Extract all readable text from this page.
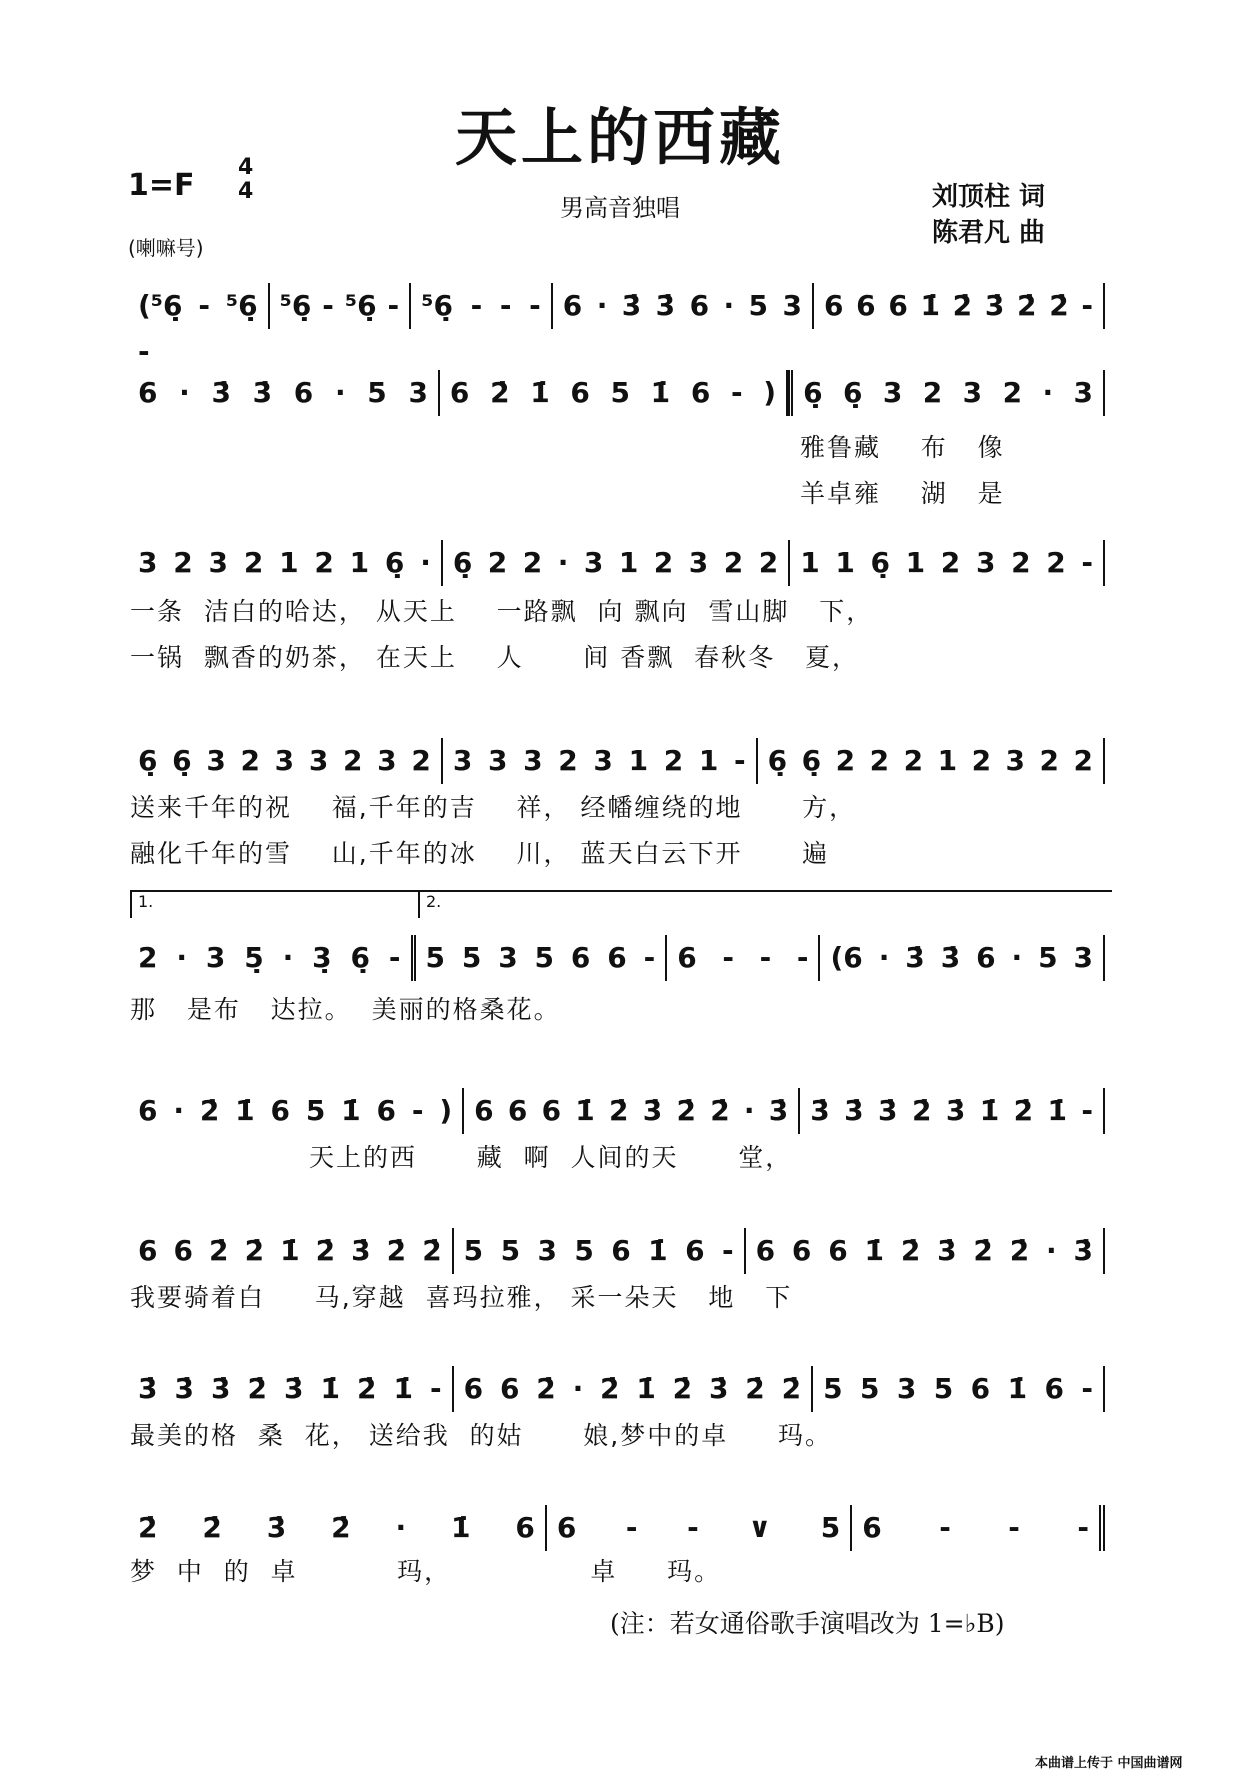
天上的西藏
1=F
4
4
男高音独唱	刘顶柱 词
陈君凡 曲
(喇嘛号)
1.	2.
(⁵6̣ - ⁵6̣ -
⁵6̣ - ⁵6̣ - ⁵6̣ - - - 6 · 3̇ 3̇ 6 · 5 3 6 6 6 1̇ 2̇ 3̇ 2̇ 2̇ -
6 · 3̇ 3̇ 6 · 5 3 6 2̇ 1̇ 6 5 1̇ 6 - ) 6̣ 6̣ 3 2 3 2 · 3
雅鲁藏    布   像
羊卓雍    湖   是
3 2 3 2 1 2 1 6̣ · 6̣ 2 2 · 3 1 2 3 2 2 1 1 6̣ 1 2 3 2 2 -
一条  洁白的哈达， 从天上    一路飘  向 飘向  雪山脚   下，
一锅  飘香的奶茶， 在天上    人      间 香飘  春秋冬   夏，
6̣ 6̣ 3 2 3 3 2 3 2 3 3 3 2 3 1 2 1 - 6̣ 6̣ 2 2 2 1 2 3 2 2
送来千年的祝    福,千年的吉    祥， 经幡缠绕的地      方，
融化千年的雪    山,千年的冰    川， 蓝天白云下开      遍
2 · 3 5̣ · 3̣ 6̣ - 5 5 3 5 6 6 - 6 - - - (6 · 3̇ 3̇ 6 · 5 3
那   是布   达拉。  美丽的格桑花。
6 · 2̇ 1̇ 6 5 1̇ 6 - ) 6 6 6 1̇ 2̇ 3̇ 2̇ 2̇ · 3̇ 3̇ 3̇ 3̇ 2̇ 3̇ 1̇ 2̇ 1̇ -
天上的西      藏  啊  人间的天      堂，
6 6 2̇ 2̇ 1̇ 2̇ 3̇ 2̇ 2̇ 5 5 3 5 6 1̇ 6 - 6 6 6 1̇ 2̇ 3̇ 2̇ 2̇ · 3̇
我要骑着白     马,穿越  喜玛拉雅， 采一朵天   地   下
3̇ 3̇ 3̇ 2̇ 3̇ 1̇ 2̇ 1̇ - 6 6 2̇ · 2̇ 1̇ 2̇ 3̇ 2̇ 2̇ 5 5 3 5 6 1̇ 6 -
最美的格  桑  花， 送给我  的姑      娘,梦中的卓     玛。
2̇ 2̇ 3̇ 2̇ · 1̇ 6 6 - - ∨ 5 6 - - -
梦  中  的  卓          玛，              卓     玛。
(注：若女通俗歌手演唱改为 1=♭B)
本曲谱上传于 中国曲谱网
